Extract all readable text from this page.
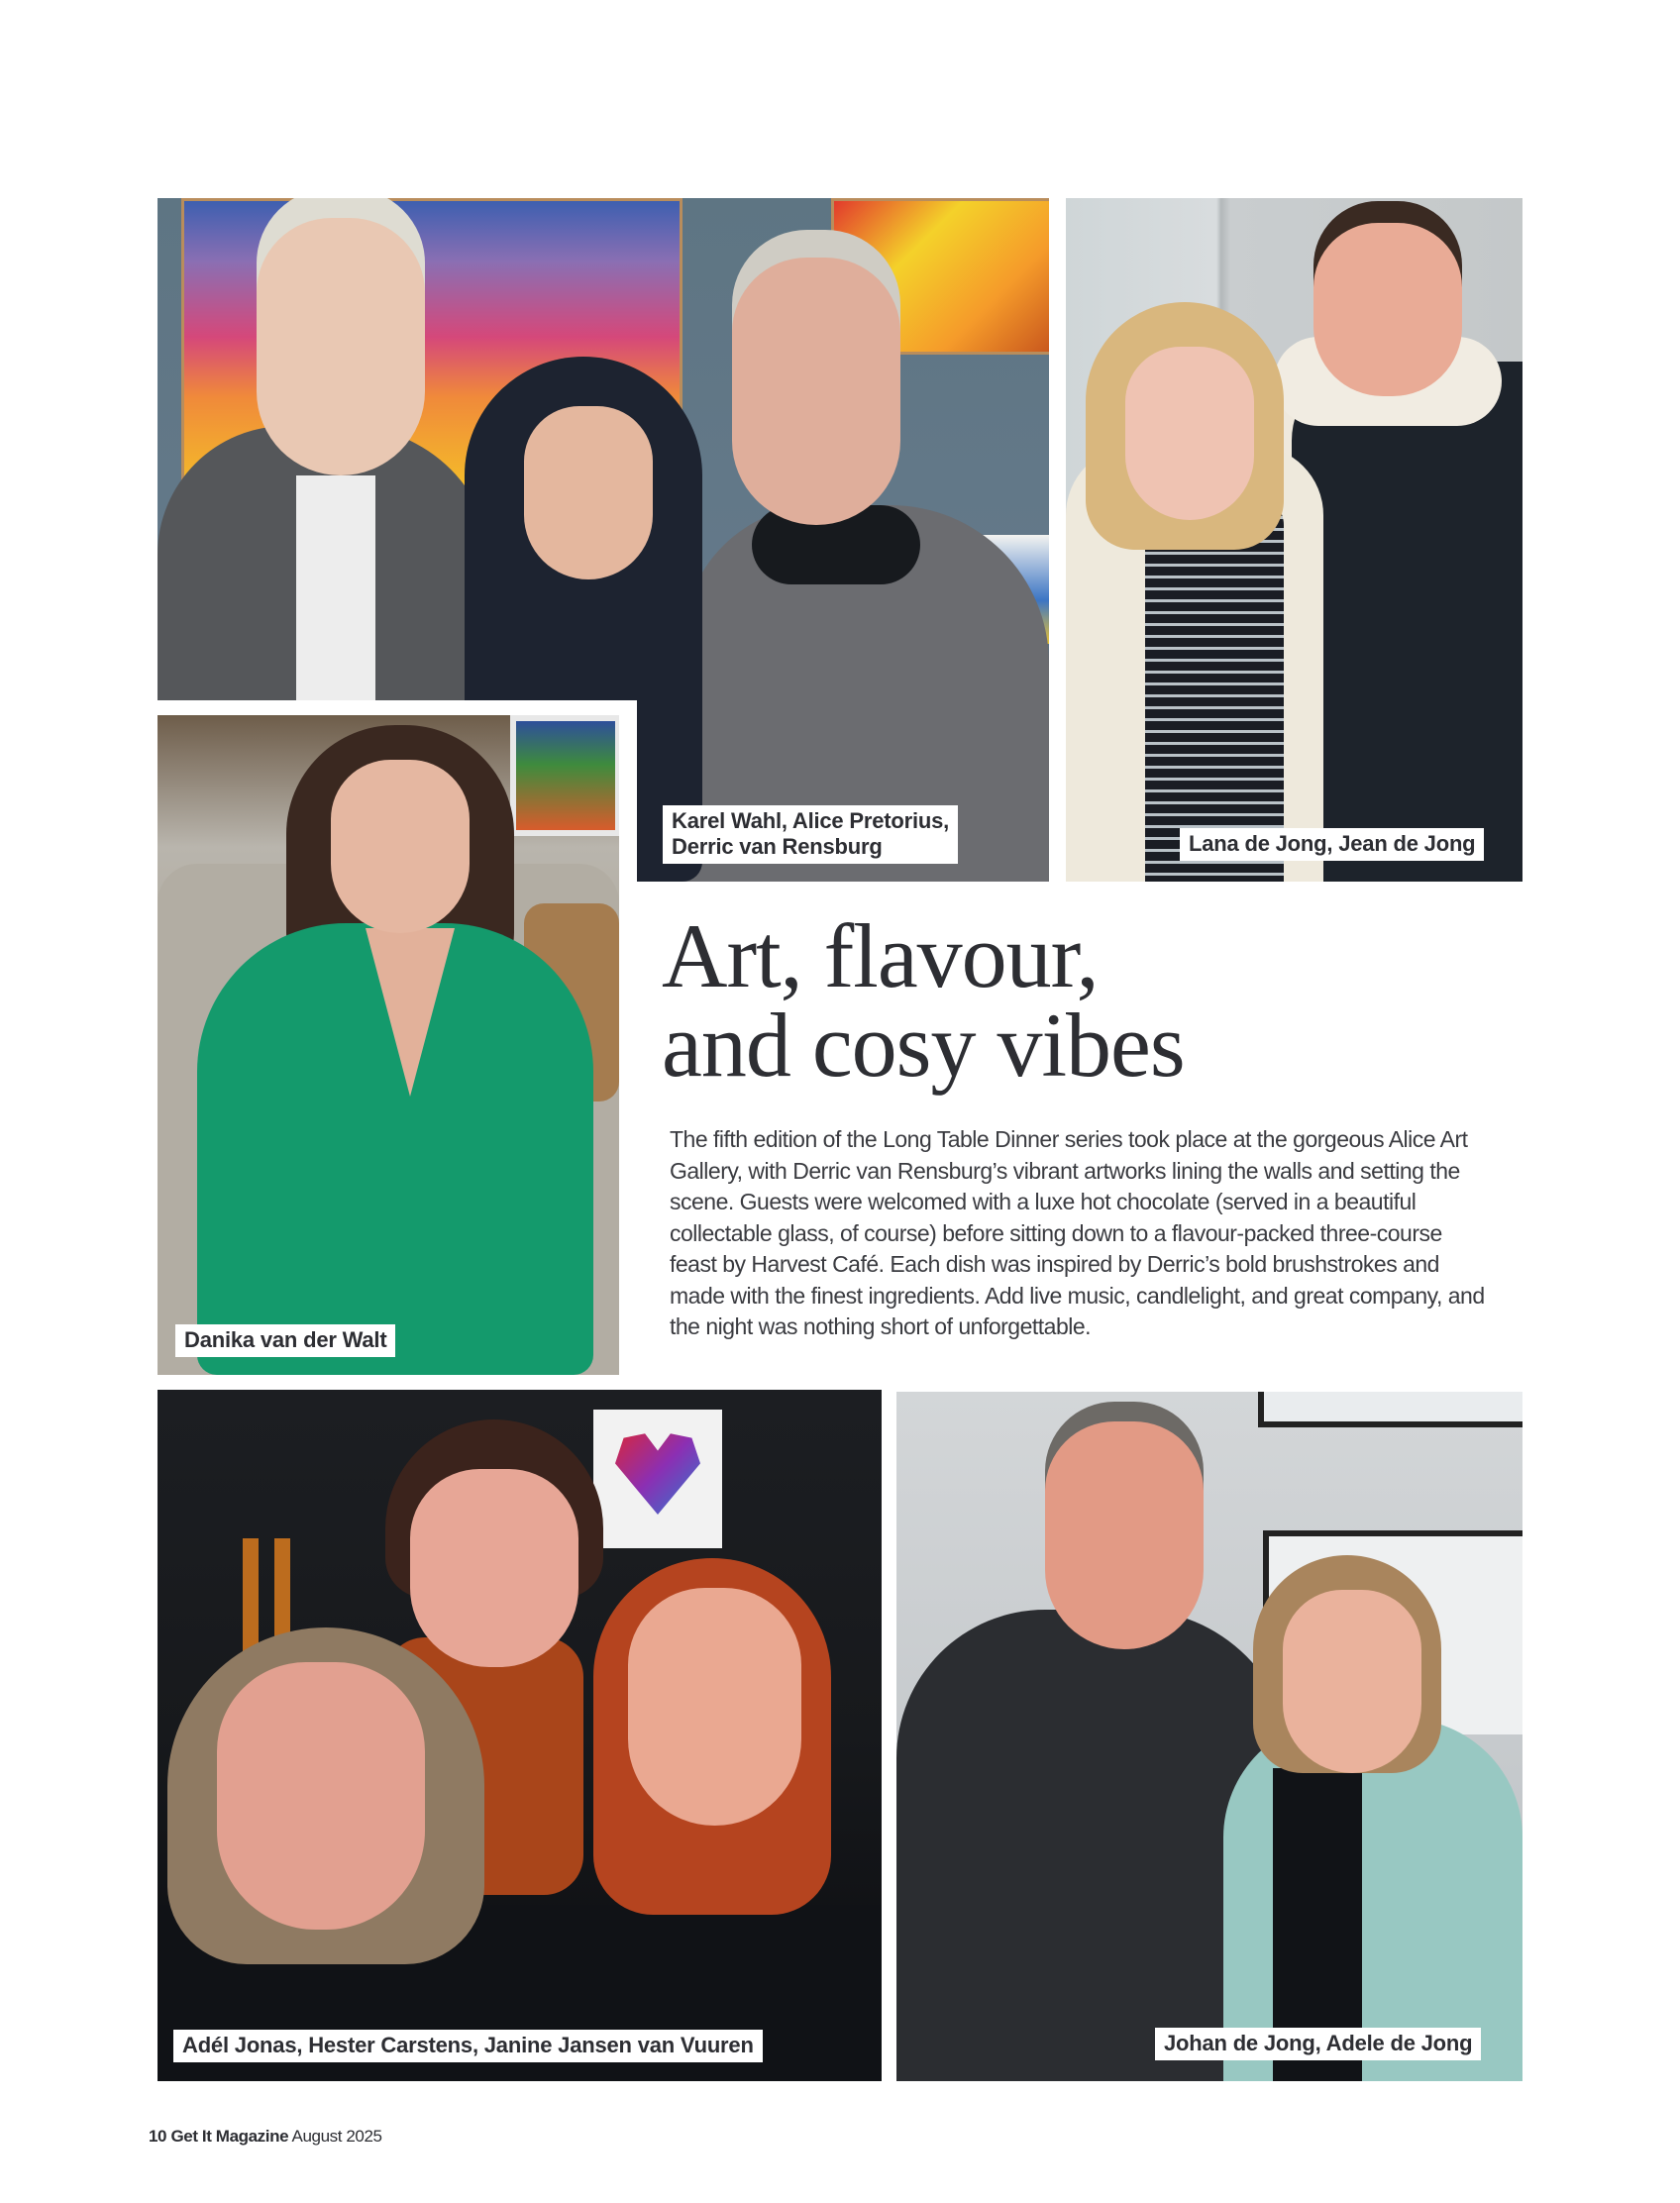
Karel Wahl, Alice Pretorius,
Derric van Rensburg	Lana de Jong, Jean de Jong
Danika van der Walt
Art, flavour,
and cosy vibes

The fifth edition of the Long Table Dinner series took place at the gorgeous Alice Art Gallery, with Derric van Rensburg’s vibrant artworks lining the walls and setting the scene. Guests were welcomed with a luxe hot chocolate (served in a beautiful collectable glass, of course) before sitting down to a flavour-packed three-course feast by Harvest Café. Each dish was inspired by Derric’s bold brushstrokes and made with the finest ingredients. Add live music, candlelight, and great company, and the night was nothing short of unforgettable.

Adél Jonas, Hester Carstens, Janine Jansen van Vuuren	Johan de Jong, Adele de Jong

10 Get It Magazine August 2025
